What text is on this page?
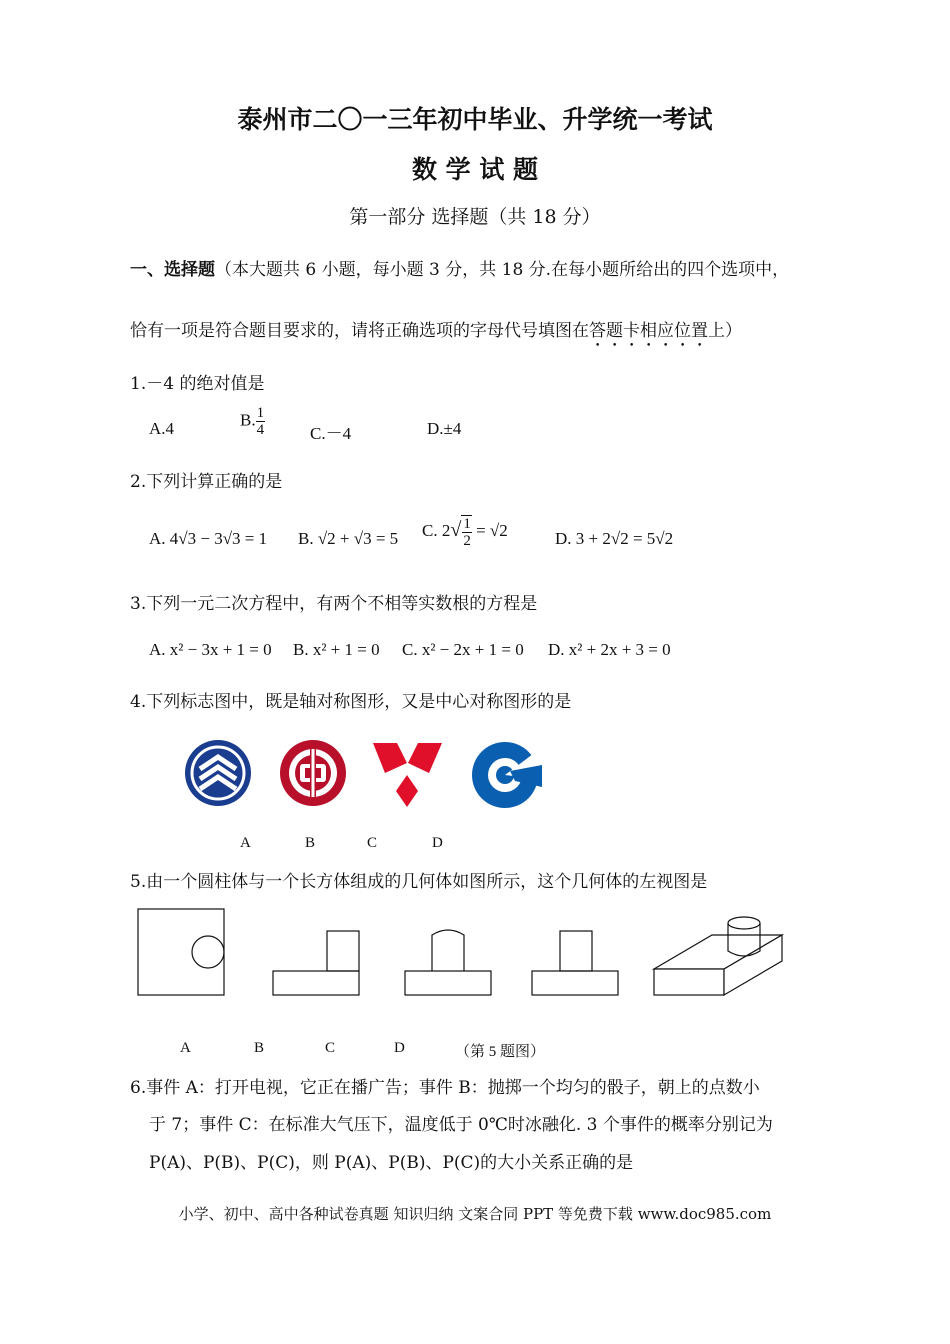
泰州市二〇一三年初中毕业、升学统一考试
数 学 试 题
第一部分 选择题（共 18 分）
一、选择题（本大题共 6 小题，每小题 3 分，共 18 分.在每小题所给出的四个选项中，
恰有一项是符合题目要求的，请将正确选项的字母代号填图在答题卡相应位置上）
1.－4 的绝对值是
A.4	B. $\frac{1}{4}$	C.－4	D.±4
2.下列计算正确的是
A. 4√3 − 3√3 = 1 B. √2 + √3 = 5 C. $2√ \frac{1}{2} = √2$	D. 3 + 2√2 = 5√2
3.下列一元二次方程中，有两个不相等实数根的方程是
A. x² − 3x + 1 = 0 B. x² + 1 = 0 C. x² − 2x + 1 = 0 D. x² + 2x + 3 = 0
4.下列标志图中，既是轴对称图形，又是中心对称图形的是
A	B	C	D
5.由一个圆柱体与一个长方体组成的几何体如图所示，这个几何体的左视图是
A	B	C	D	（第 5 题图）
6.事件 A：打开电视，它正在播广告；事件 B：抛掷一个均匀的骰子，朝上的点数小
于 7；事件 C：在标准大气压下，温度低于 0℃时冰融化. 3 个事件的概率分别记为
P(A)、P(B)、P(C)，则 P(A)、P(B)、P(C)的大小关系正确的是
小学、初中、高中各种试卷真题 知识归纳 文案合同 PPT 等免费下载 www.doc985.com
